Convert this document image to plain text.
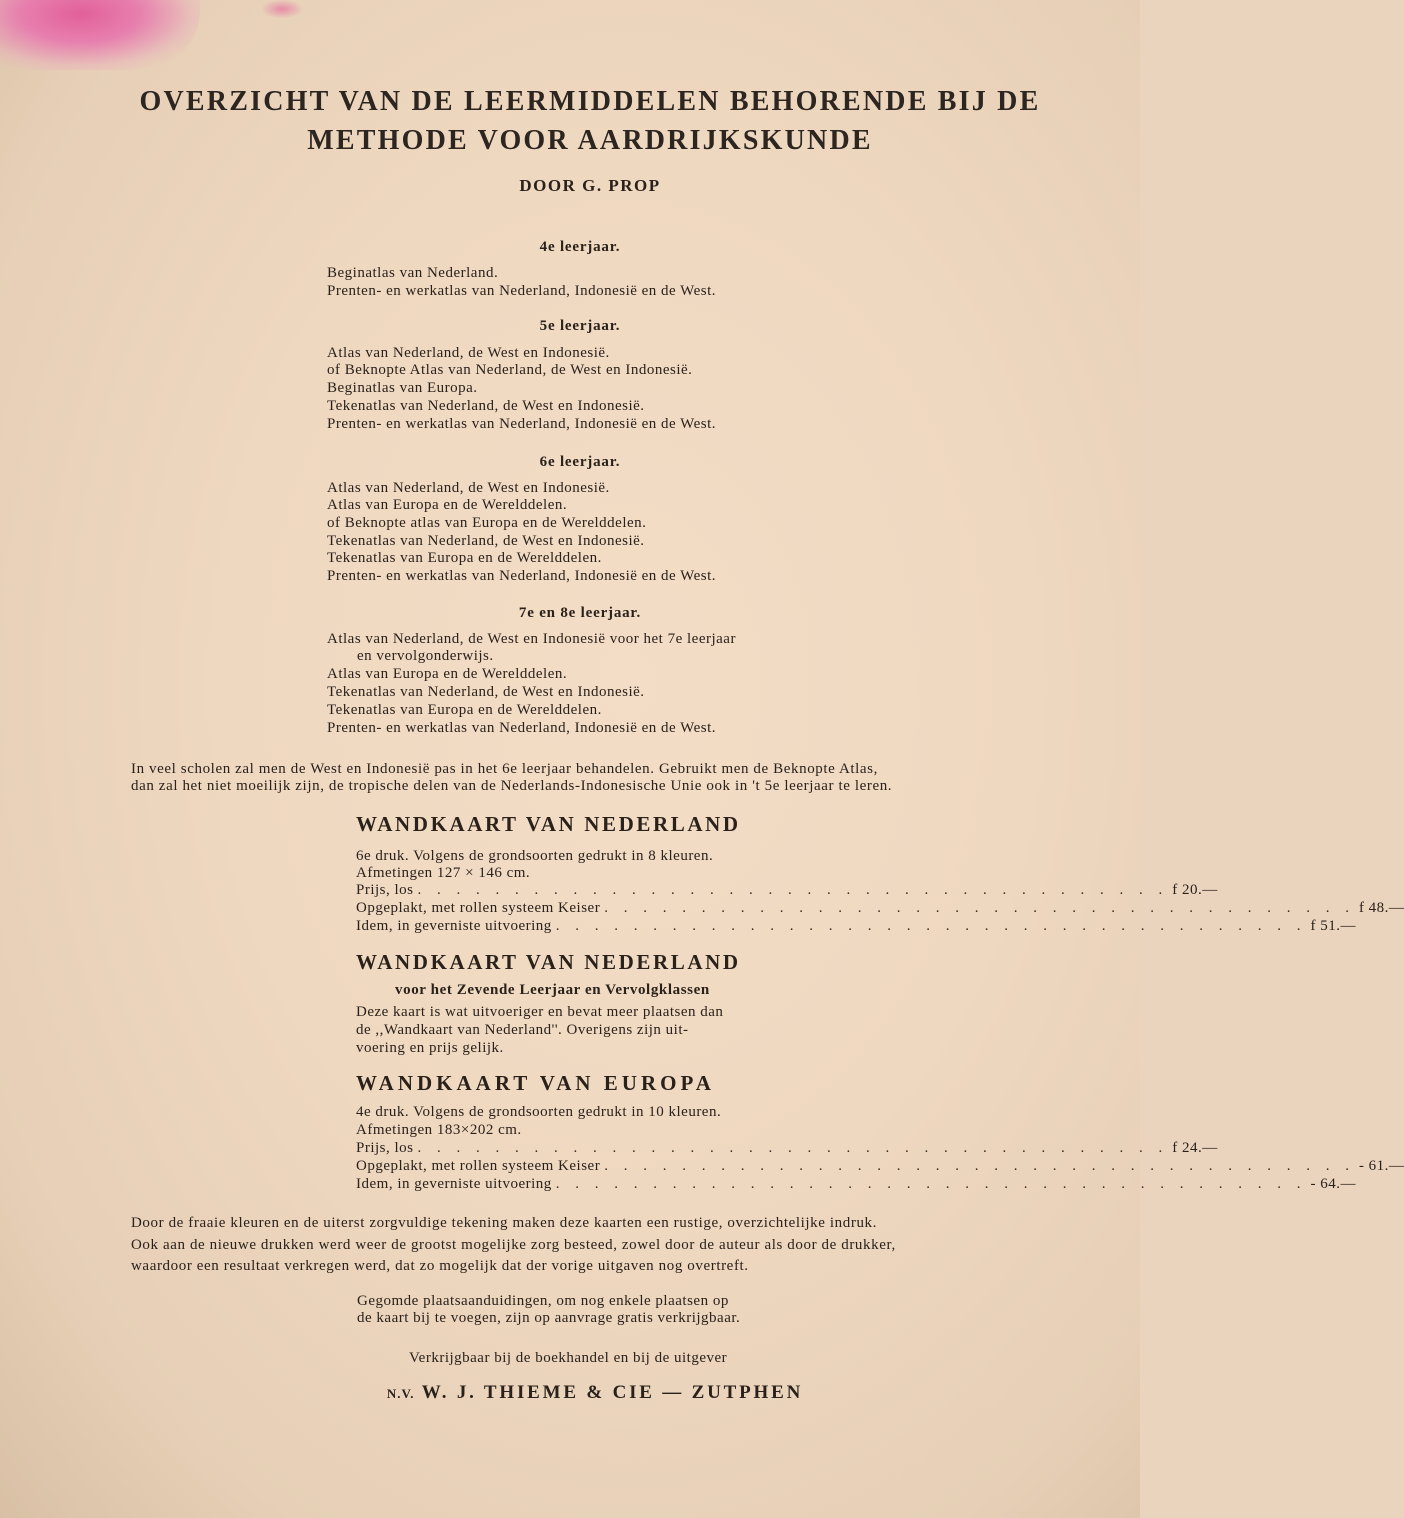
OVERZICHT VAN DE LEERMIDDELEN BEHORENDE BIJ DE
METHODE VOOR AARDRIJKSKUNDE
DOOR G. PROP
4e leerjaar.
Beginatlas van Nederland.
Prenten- en werkatlas van Nederland, Indonesië en de West.
5e leerjaar.
Atlas van Nederland, de West en Indonesië.
of Beknopte Atlas van Nederland, de West en Indonesië.
Beginatlas van Europa.
Tekenatlas van Nederland, de West en Indonesië.
Prenten- en werkatlas van Nederland, Indonesië en de West.
6e leerjaar.
Atlas van Nederland, de West en Indonesië.
Atlas van Europa en de Werelddelen.
of Beknopte atlas van Europa en de Werelddelen.
Tekenatlas van Nederland, de West en Indonesië.
Tekenatlas van Europa en de Werelddelen.
Prenten- en werkatlas van Nederland, Indonesië en de West.
7e en 8e leerjaar.
Atlas van Nederland, de West en Indonesië voor het 7e leerjaar
en vervolgonderwijs.
Atlas van Europa en de Werelddelen.
Tekenatlas van Nederland, de West en Indonesië.
Tekenatlas van Europa en de Werelddelen.
Prenten- en werkatlas van Nederland, Indonesië en de West.
In veel scholen zal men de West en Indonesië pas in het 6e leerjaar behandelen. Gebruikt men de Beknopte Atlas,
dan zal het niet moeilijk zijn, de tropische delen van de Nederlands-Indonesische Unie ook in 't 5e leerjaar te leren.
WANDKAART VAN NEDERLAND
6e druk. Volgens de grondsoorten gedrukt in 8 kleuren.
Afmetingen 127 × 146 cm.
Prijs, los . . . . . . . . . . . . . . . . . . . . . . . . . . . . . . . . . . . . . . . f 20.—
Opgeplakt, met rollen systeem Keiser . . . . . . . . . . . . . . . . . . . . . . . . . . . . . . . . . . . . . . . f 48.—
Idem, in geverniste uitvoering . . . . . . . . . . . . . . . . . . . . . . . . . . . . . . . . . . . . . . . f 51.—
WANDKAART VAN NEDERLAND
voor het Zevende Leerjaar en Vervolgklassen
Deze kaart is wat uitvoeriger en bevat meer plaatsen dan
de ,,Wandkaart van Nederland''. Overigens zijn uit-
voering en prijs gelijk.
WANDKAART VAN EUROPA
4e druk. Volgens de grondsoorten gedrukt in 10 kleuren.
Afmetingen 183×202 cm.
Prijs, los . . . . . . . . . . . . . . . . . . . . . . . . . . . . . . . . . . . . . . . f 24.—
Opgeplakt, met rollen systeem Keiser . . . . . . . . . . . . . . . . . . . . . . . . . . . . . . . . . . . . . . . - 61.—
Idem, in geverniste uitvoering . . . . . . . . . . . . . . . . . . . . . . . . . . . . . . . . . . . . . . . - 64.—
Door de fraaie kleuren en de uiterst zorgvuldige tekening maken deze kaarten een rustige, overzichtelijke indruk.
Ook aan de nieuwe drukken werd weer de grootst mogelijke zorg besteed, zowel door de auteur als door de drukker,
waardoor een resultaat verkregen werd, dat zo mogelijk dat der vorige uitgaven nog overtreft.
Gegomde plaatsaanduidingen, om nog enkele plaatsen op
de kaart bij te voegen, zijn op aanvrage gratis verkrijgbaar.
Verkrijgbaar bij de boekhandel en bij de uitgever
N.V. W. J. THIEME & CIE — ZUTPHEN
